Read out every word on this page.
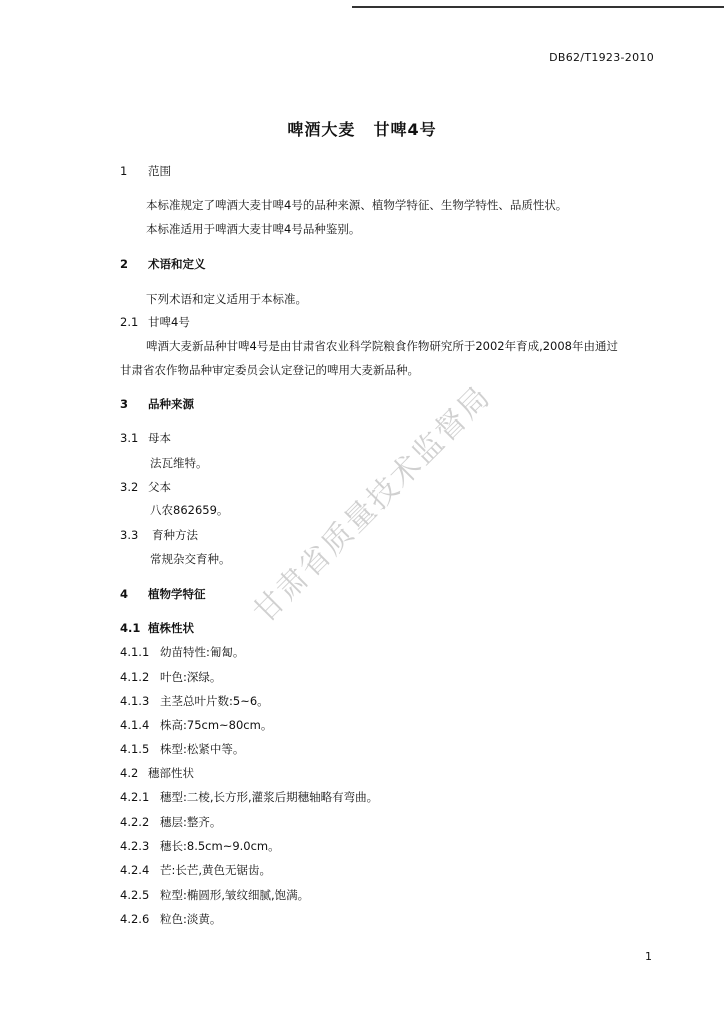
DB62/T1923-2010
啤酒大麦 甘啤4号
甘肃省质量技术监督局
1 范围
本标准规定了啤酒大麦甘啤4号的品种来源、植物学特征、生物学特性、品质性状。
本标准适用于啤酒大麦甘啤4号品种鉴别。
2 术语和定义
下列术语和定义适用于本标准。
2.1 甘啤4号
啤酒大麦新品种甘啤4号是由甘肃省农业科学院粮食作物研究所于2002年育成,2008年由通过
甘肃省农作物品种审定委员会认定登记的啤用大麦新品种。
3 品种来源
3.1 母本
法瓦维特。
3.2 父本
八农862659。
3.3 育种方法
常规杂交育种。
4 植物学特征
4.1 植株性状
4.1.1 幼苗特性:匍匐。
4.1.2 叶色:深绿。
4.1.3 主茎总叶片数:5~6。
4.1.4 株高:75cm~80cm。
4.1.5 株型:松紧中等。
4.2 穗部性状
4.2.1 穗型:二棱,长方形,灌浆后期穗轴略有弯曲。
4.2.2 穗层:整齐。
4.2.3 穗长:8.5cm~9.0cm。
4.2.4 芒:长芒,黄色无锯齿。
4.2.5 粒型:椭圆形,皱纹细腻,饱满。
4.2.6 粒色:淡黄。
1
